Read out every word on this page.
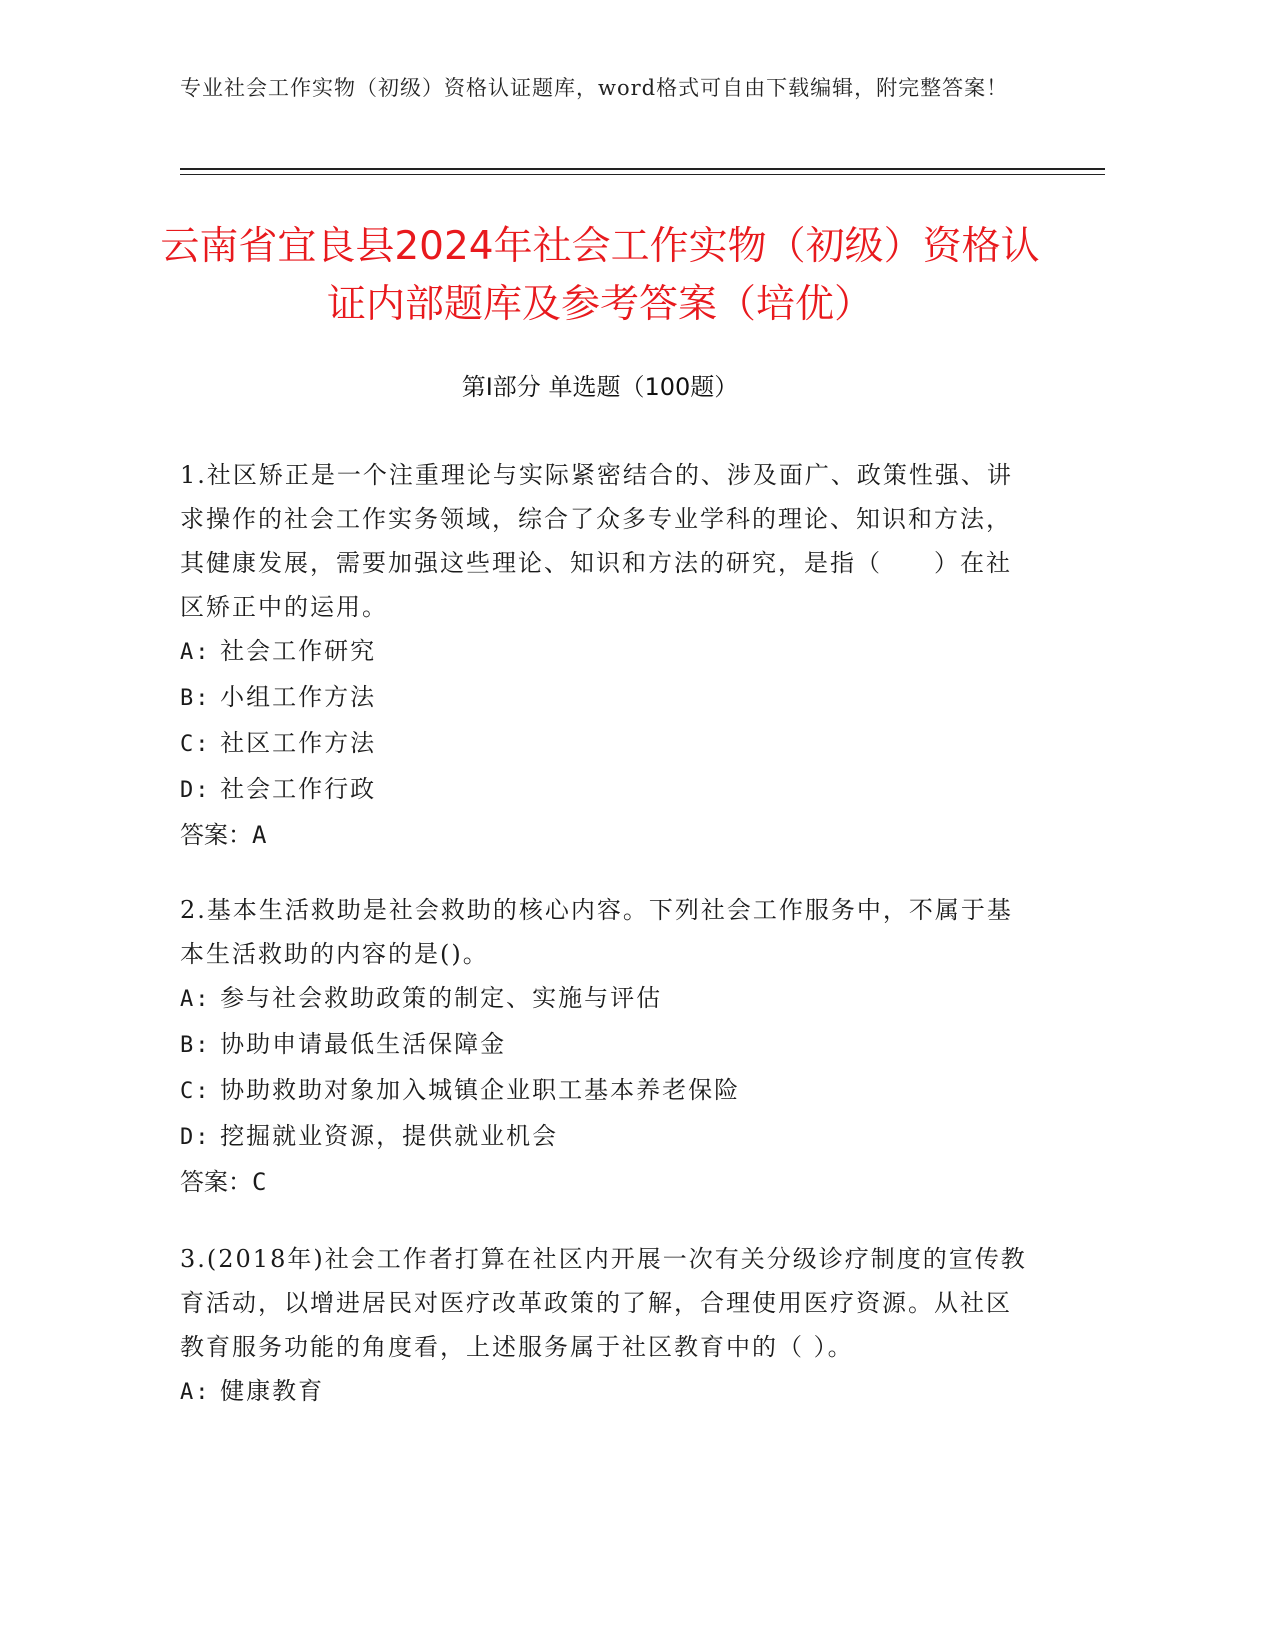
专业社会工作实物（初级）资格认证题库，word格式可自由下载编辑，附完整答案！
云南省宜良县2024年社会工作实物（初级）资格认证内部题库及参考答案（培优）
第Ⅰ部分 单选题（100题）

1.社区矫正是一个注重理论与实际紧密结合的、涉及面广、政策性强、讲求操作的社会工作实务领域，综合了众多专业学科的理论、知识和方法，其健康发展，需要加强这些理论、知识和方法的研究，是指（　　）在社区矫正中的运用。

A: 社会工作研究

B: 小组工作方法

C: 社区工作方法

D: 社会工作行政

答案：A

2.基本生活救助是社会救助的核心内容。下列社会工作服务中，不属于基本生活救助的内容的是()。

A: 参与社会救助政策的制定、实施与评估

B: 协助申请最低生活保障金

C: 协助救助对象加入城镇企业职工基本养老保险

D: 挖掘就业资源，提供就业机会

答案：C

3.(2018年)社会工作者打算在社区内开展一次有关分级诊疗制度的宣传教育活动，以增进居民对医疗改革政策的了解，合理使用医疗资源。从社区教育服务功能的角度看，上述服务属于社区教育中的（ ）。

A: 健康教育
